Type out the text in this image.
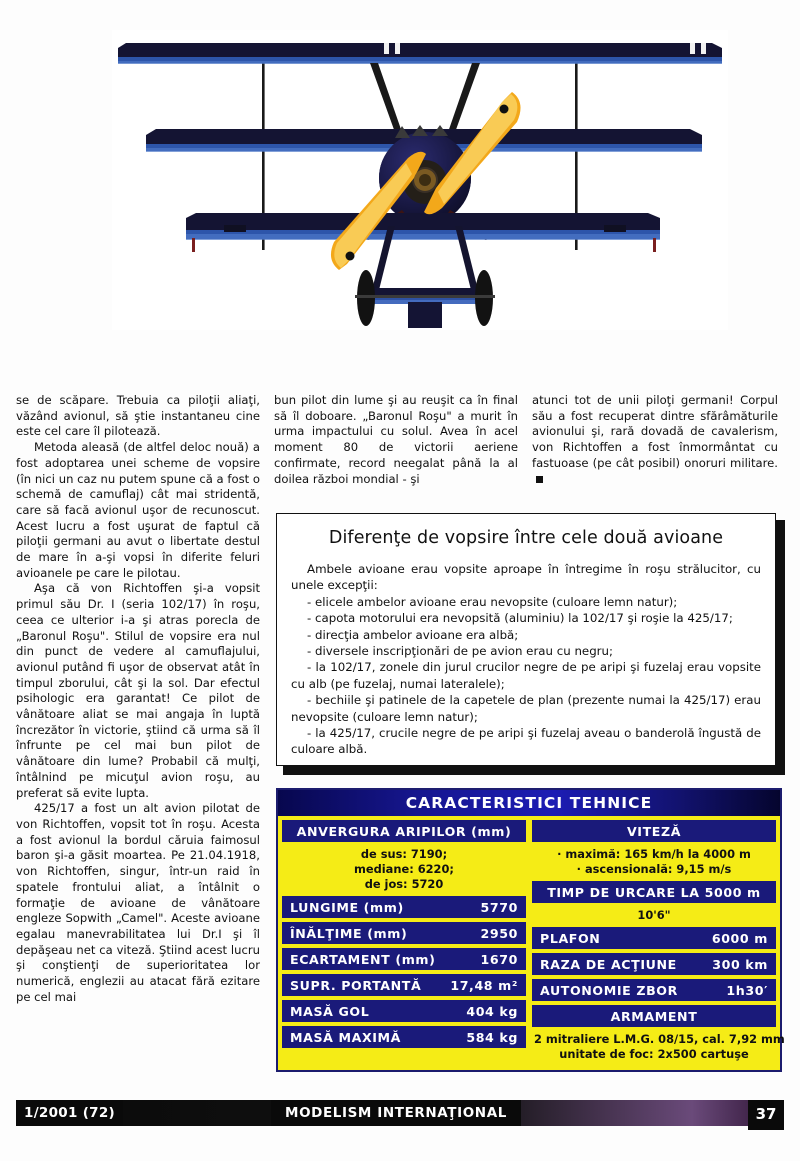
se de scăpare. Trebuia ca piloţii aliaţi, văzând avionul, să ştie instantaneu cine este cel care îl pilotează.

Metoda aleasă (de altfel deloc nouă) a fost adoptarea unei scheme de vopsire (în nici un caz nu putem spune că a fost o schemă de camuflaj) cât mai stridentă, care să facă avionul uşor de recunoscut. Acest lucru a fost uşurat de faptul că piloţii germani au avut o libertate destul de mare în a-şi vopsi în diferite feluri avioanele pe care le pilotau.

Aşa că von Richtoffen şi-a vopsit primul său Dr. I (seria 102/17) în roşu, ceea ce ulterior i-a şi atras porecla de „Baronul Roşu". Stilul de vopsire era nul din punct de vedere al camuflajului, avionul putând fi uşor de observat atât în timpul zborului, cât şi la sol. Dar efectul psihologic era garantat! Ce pilot de vânătoare aliat se mai angaja în luptă încrezător în victorie, ştiind că urma să îl înfrunte pe cel mai bun pilot de vânătoare din lume? Probabil că mulţi, întâlnind pe micuţul avion roşu, au preferat să evite lupta.

425/17 a fost un alt avion pilotat de von Richtoffen, vopsit tot în roşu. Acesta a fost avionul la bordul căruia faimosul baron şi-a găsit moartea. Pe 21.04.1918, von Richtoffen, singur, într-un raid în spatele frontului aliat, a întâlnit o formaţie de avioane de vânătoare engleze Sopwith „Camel". Aceste avioane egalau manevrabilitatea lui Dr.I şi îl depăşeau net ca viteză. Ştiind acest lucru şi conştienţi de superioritatea lor numerică, englezii au atacat fără ezitare pe cel mai

bun pilot din lume şi au reuşit ca în final să îl doboare. „Baronul Roşu" a murit în urma impactului cu solul. Avea în acel moment 80 de victorii aeriene confirmate, record neegalat până la al doilea război mondial - şi

atunci tot de unii piloţi germani! Corpul său a fost recuperat dintre sfărâmăturile avionului şi, rară dovadă de cavalerism, von Richtoffen a fost înmormântat cu fastuoase (pe cât posibil) onoruri militare.

Diferenţe de vopsire între cele două avioane

Ambele avioane erau vopsite aproape în întregime în roşu strălucitor, cu unele excepţii:

- elicele ambelor avioane erau nevopsite (culoare lemn natur);

- capota motorului era nevopsită (aluminiu) la 102/17 şi roşie la 425/17;

- direcţia ambelor avioane era albă;

- diversele inscripţionări de pe avion erau cu negru;

- la 102/17, zonele din jurul crucilor negre de pe aripi şi fuzelaj erau vopsite cu alb (pe fuzelaj, numai lateralele);

- bechiile şi patinele de la capetele de plan (prezente numai la 425/17) erau nevopsite (culoare lemn natur);

- la 425/17, crucile negre de pe aripi şi fuzelaj aveau o banderolă îngustă de culoare albă.

CARACTERISTICI TEHNICE
ANVERGURA ARIPILOR (mm)
de sus: 7190;
mediane: 6220;
de jos: 5720
LUNGIME (mm)	5770
ÎNĂLŢIME (mm)	2950
ECARTAMENT (mm)	1670
SUPR. PORTANTĂ 17,48 m²
MASĂ GOL	404 kg
MASĂ MAXIMĂ	584 kg
VITEZĂ
· maximă: 165 km/h la 4000 m
· ascensională: 9,15 m/s
TIMP DE URCARE LA 5000 m
10'6"
PLAFON	6000 m
RAZA DE ACŢIUNE	300 km
AUTONOMIE ZBOR	1h30′
ARMAMENT
2 mitraliere L.M.G. 08/15, cal. 7,92 mm
unitate de foc: 2x500 cartuşe
1/2001 (72)	MODELISM INTERNAŢIONAL	37
